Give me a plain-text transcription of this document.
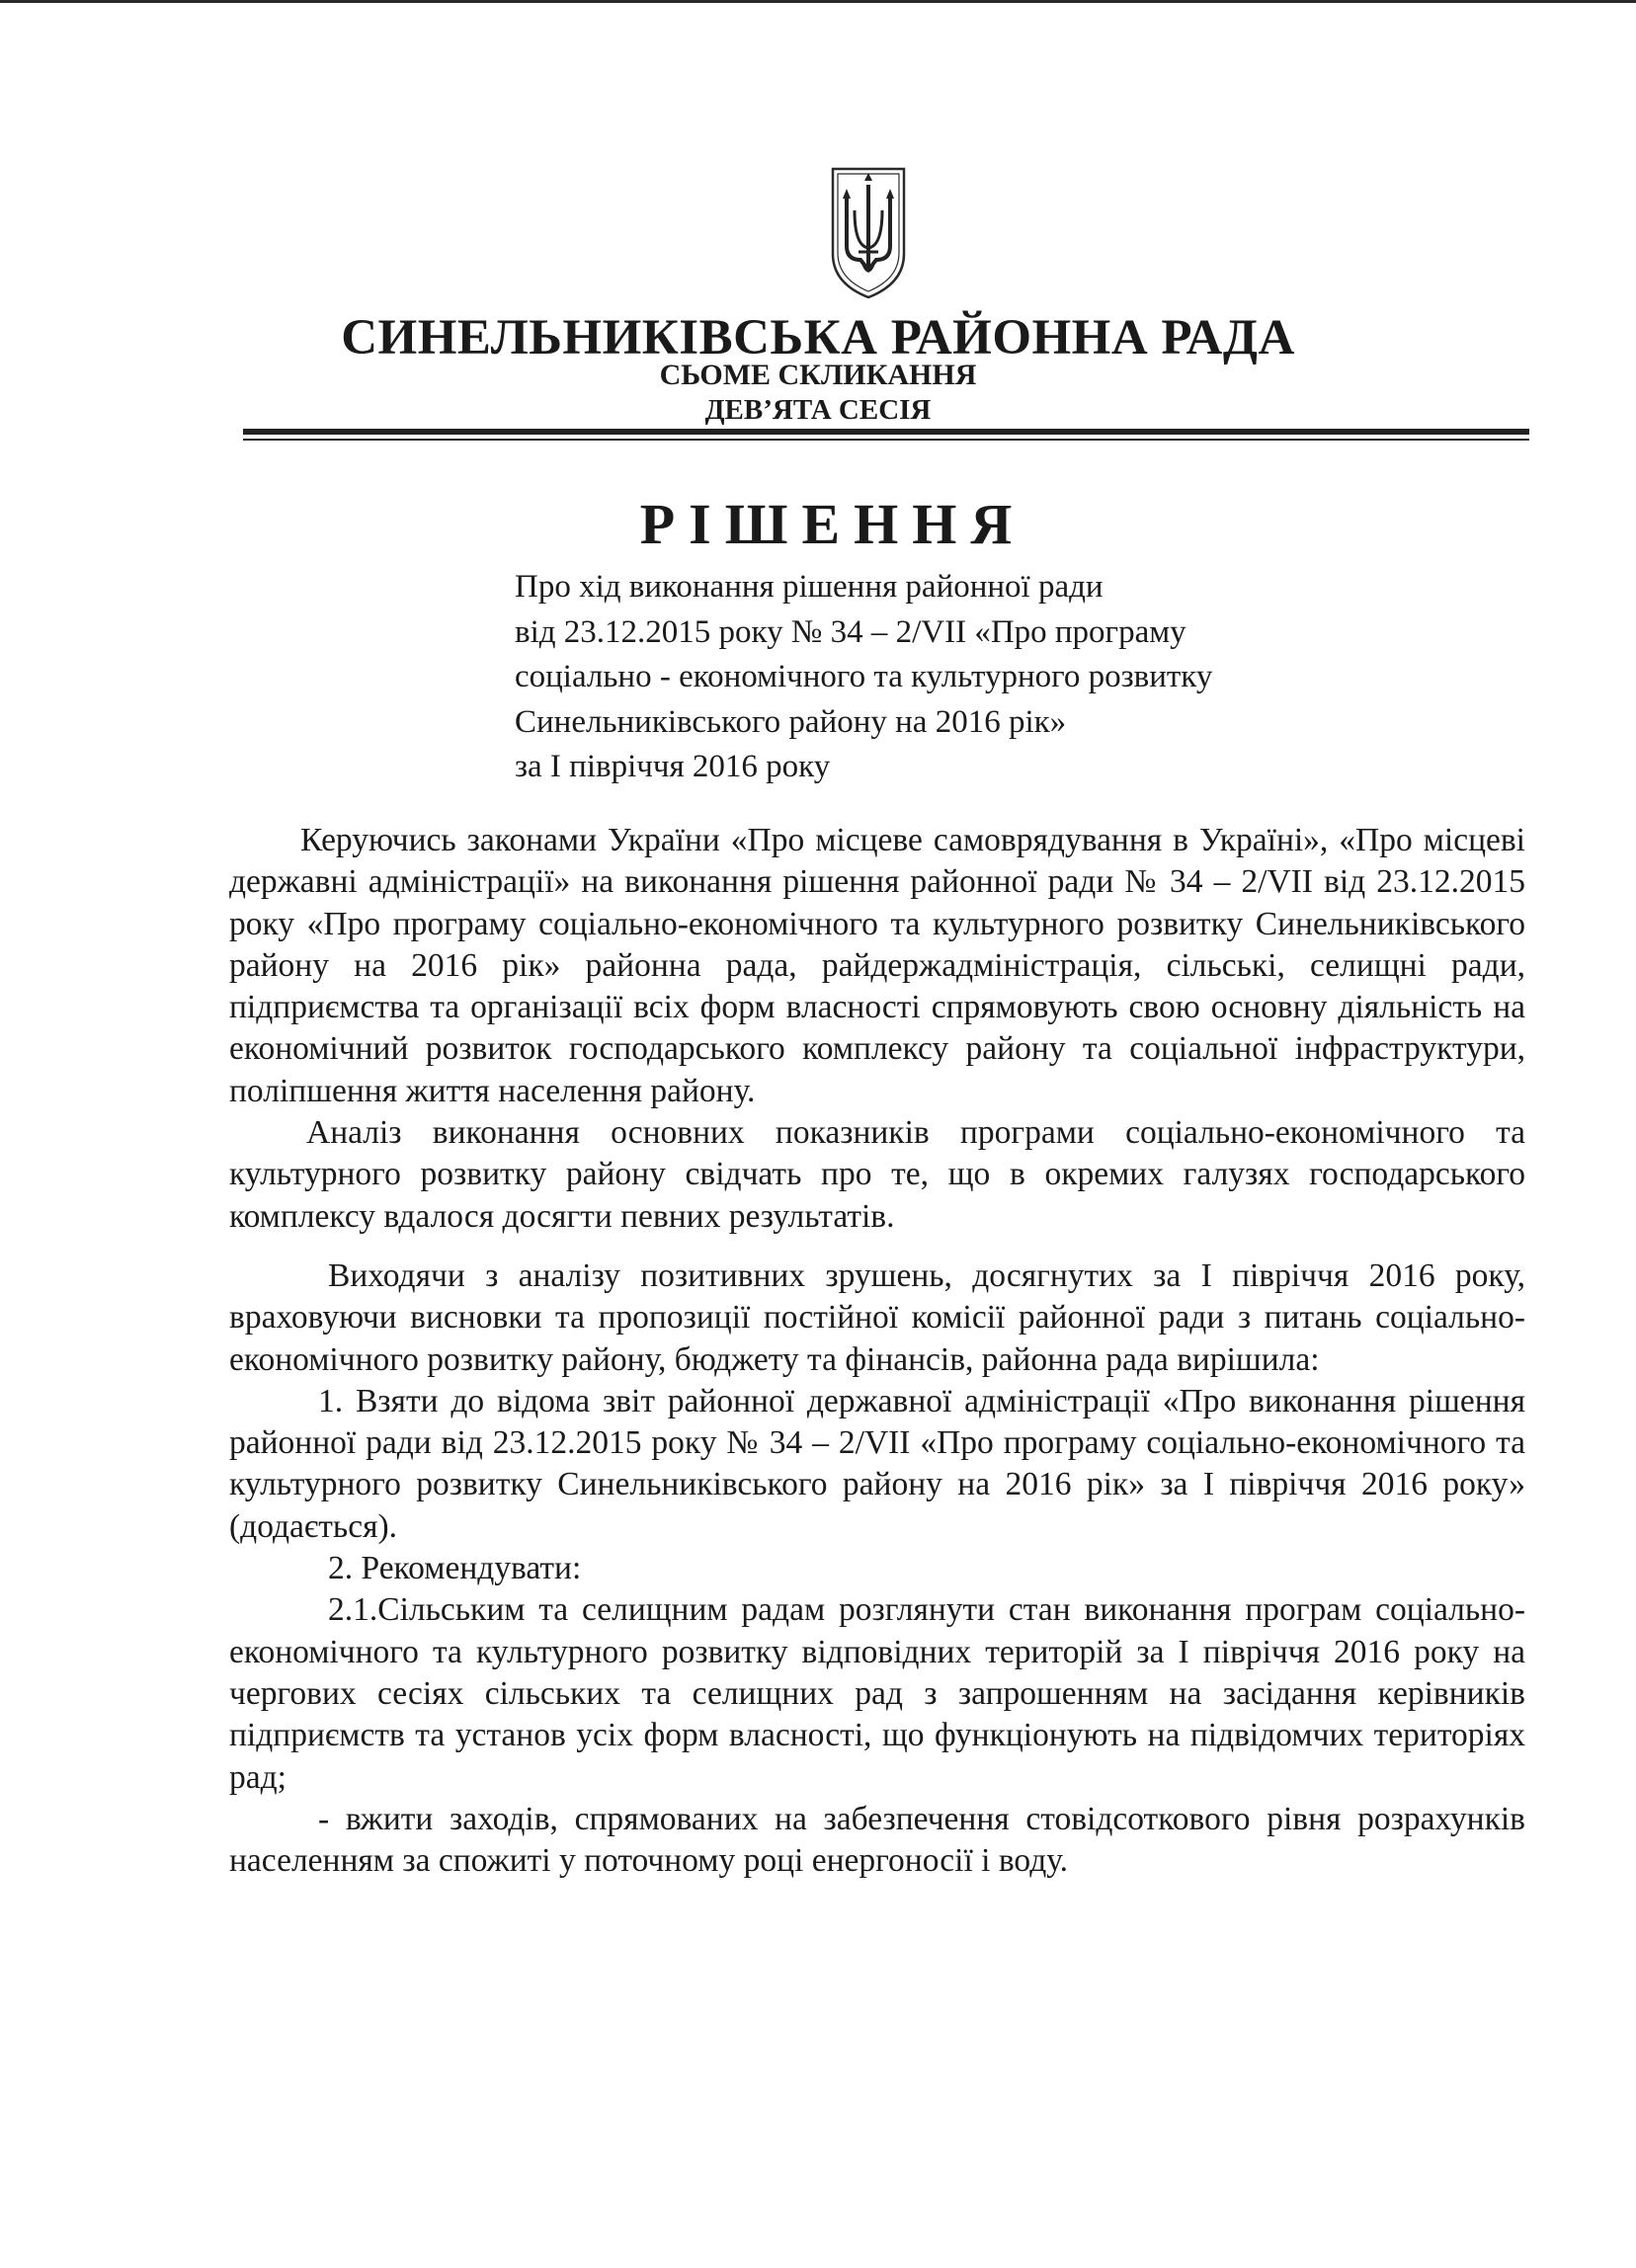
СИНЕЛЬНИКІВСЬКА РАЙОННА РАДА
СЬОМЕ СКЛИКАННЯ
ДЕВ’ЯТА СЕСІЯ
РІШЕННЯ
Про хід виконання рішення районної ради
від 23.12.2015 року № 34 – 2/VII «Про програму
соціально - економічного та культурного розвитку
Синельниківського району на 2016 рік»
за І півріччя 2016 року

Керуючись законами України «Про місцеве самоврядування в Україні», «Про місцеві державні адміністрації» на виконання рішення районної ради № 34 – 2/VII від 23.12.2015 року «Про програму соціально-економічного та культурного розвитку Синельниківського району на 2016 рік» районна рада, райдержадміністрація, сільські, селищні ради, підприємства та організації всіх форм власності спрямовують свою основну діяльність на економічний розвиток господарського комплексу району та соціальної інфраструктури, поліпшення життя населення району.

Аналіз виконання основних показників програми соціально-економічного та культурного розвитку району свідчать про те, що в окремих галузях господарського комплексу вдалося досягти певних результатів.

Виходячи з аналізу позитивних зрушень, досягнутих за І півріччя 2016 року, враховуючи висновки та пропозиції постійної комісії районної ради з питань соціально-економічного розвитку району, бюджету та фінансів, районна рада вирішила:

1. Взяти до відома звіт районної державної адміністрації «Про виконання рішення районної ради від 23.12.2015 року № 34 – 2/VII «Про програму соціально-економічного та культурного розвитку Синельниківського району на 2016 рік» за І півріччя 2016 року» (додається).

2. Рекомендувати:

2.1.Сільським та селищним радам розглянути стан виконання програм соціально-економічного та культурного розвитку відповідних територій за І півріччя 2016 року на чергових сесіях сільських та селищних рад з запрошенням на засідання керівників підприємств та установ усіх форм власності, що функціонують на підвідомчих територіях рад;

- вжити заходів, спрямованих на забезпечення стовідсоткового рівня розрахунків населенням за спожиті у поточному році енергоносії і воду.
